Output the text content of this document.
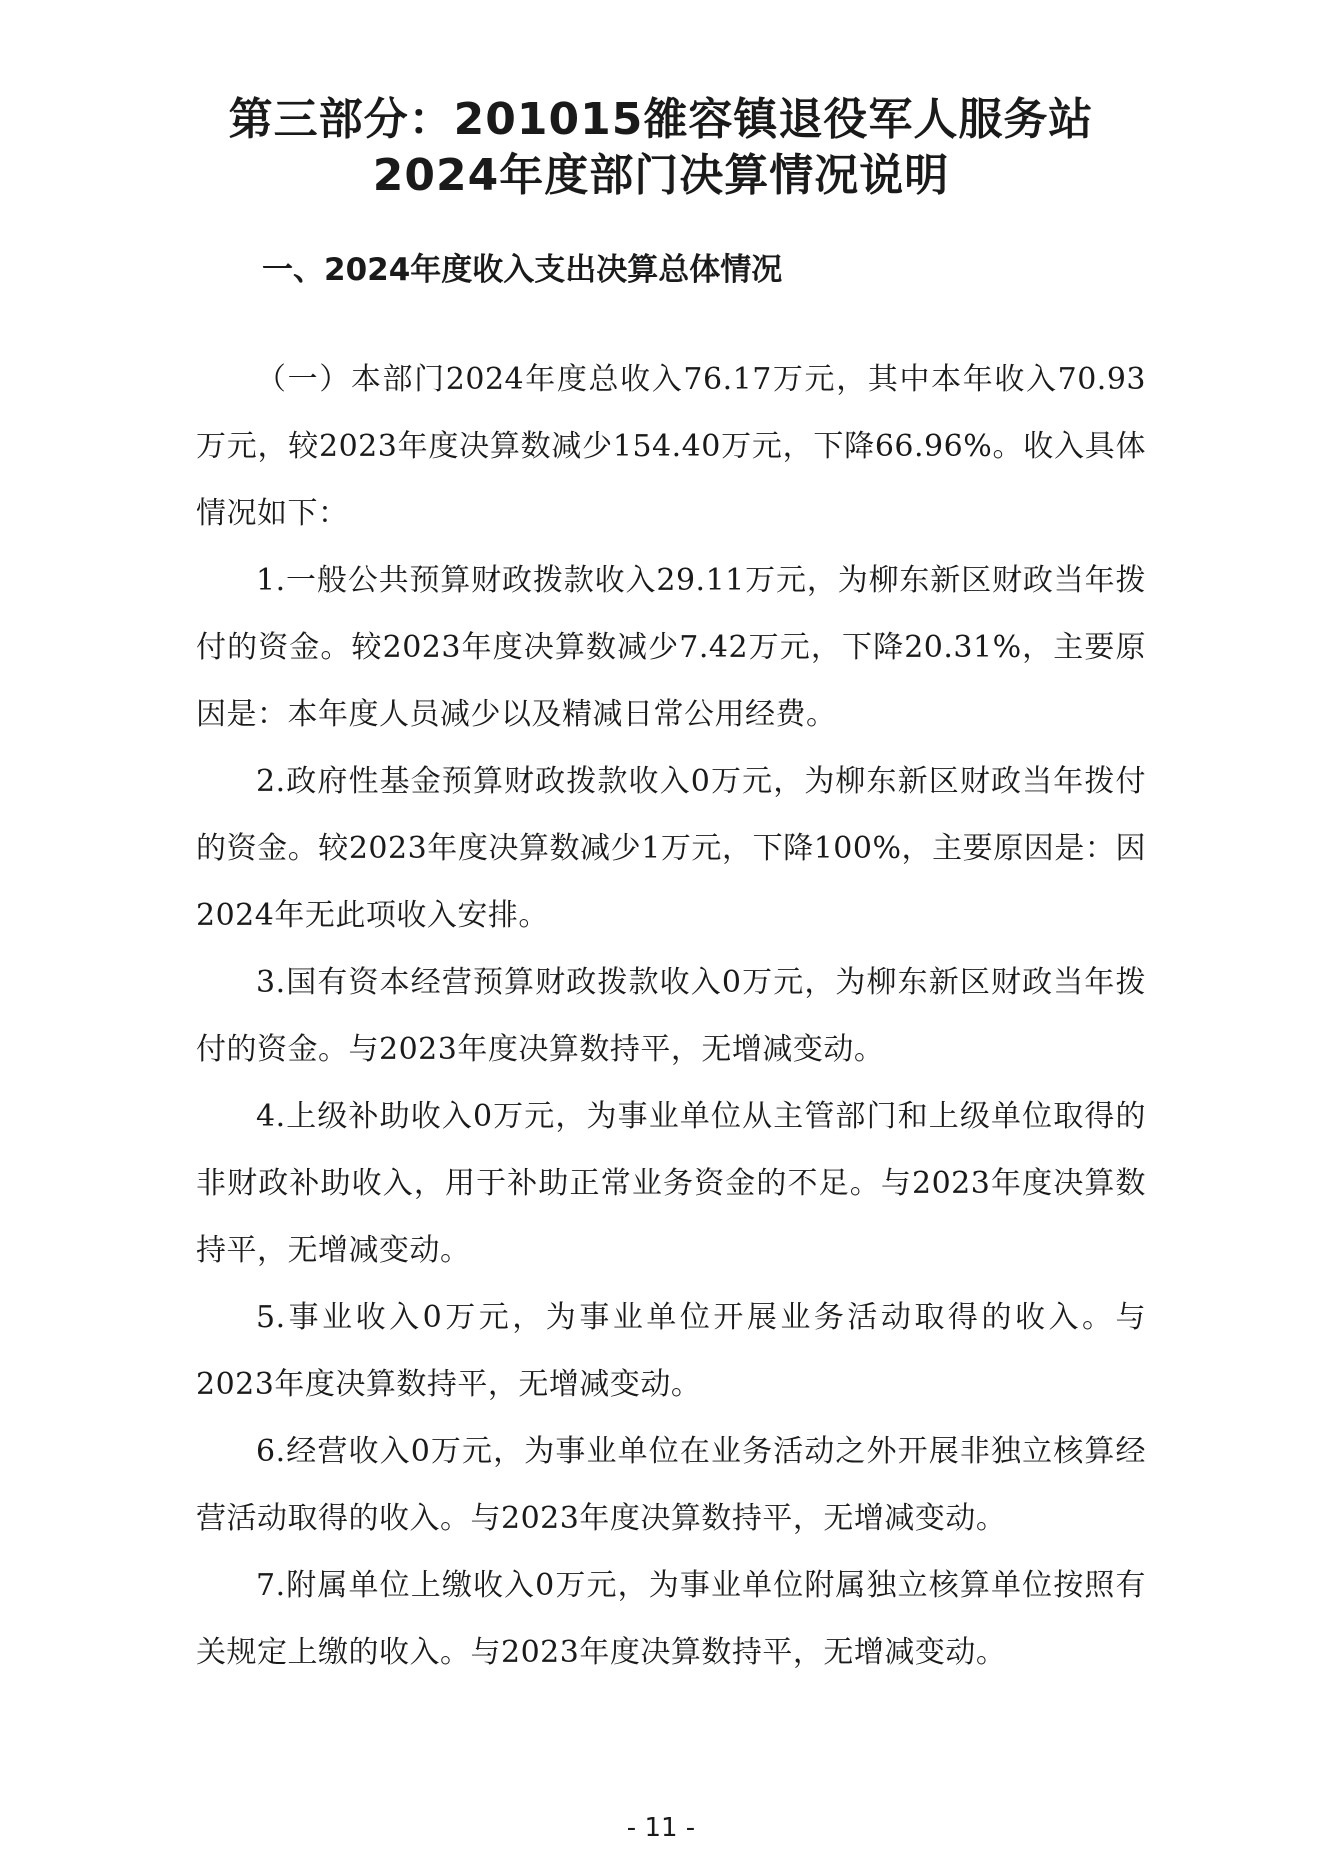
第三部分：201015雒容镇退役军人服务站
2024年度部门决算情况说明
一、2024年度收入支出决算总体情况

（一）本部门2024年度总收入76.17万元，其中本年收入70.93万元，较2023年度决算数减少154.40万元，下降66.96%。收入具体情况如下：

1.一般公共预算财政拨款收入29.11万元，为柳东新区财政当年拨付的资金。较2023年度决算数减少7.42万元，下降20.31%，主要原因是：本年度人员减少以及精减日常公用经费。

2.政府性基金预算财政拨款收入0万元，为柳东新区财政当年拨付的资金。较2023年度决算数减少1万元，下降100%，主要原因是：因2024年无此项收入安排。

3.国有资本经营预算财政拨款收入0万元，为柳东新区财政当年拨付的资金。与2023年度决算数持平，无增减变动。

4.上级补助收入0万元，为事业单位从主管部门和上级单位取得的非财政补助收入，用于补助正常业务资金的不足。与2023年度决算数持平，无增减变动。

5.事业收入0万元，为事业单位开展业务活动取得的收入。与2023年度决算数持平，无增减变动。

6.经营收入0万元，为事业单位在业务活动之外开展非独立核算经营活动取得的收入。与2023年度决算数持平，无增减变动。

7.附属单位上缴收入0万元，为事业单位附属独立核算单位按照有关规定上缴的收入。与2023年度决算数持平，无增减变动。

- 11 -
